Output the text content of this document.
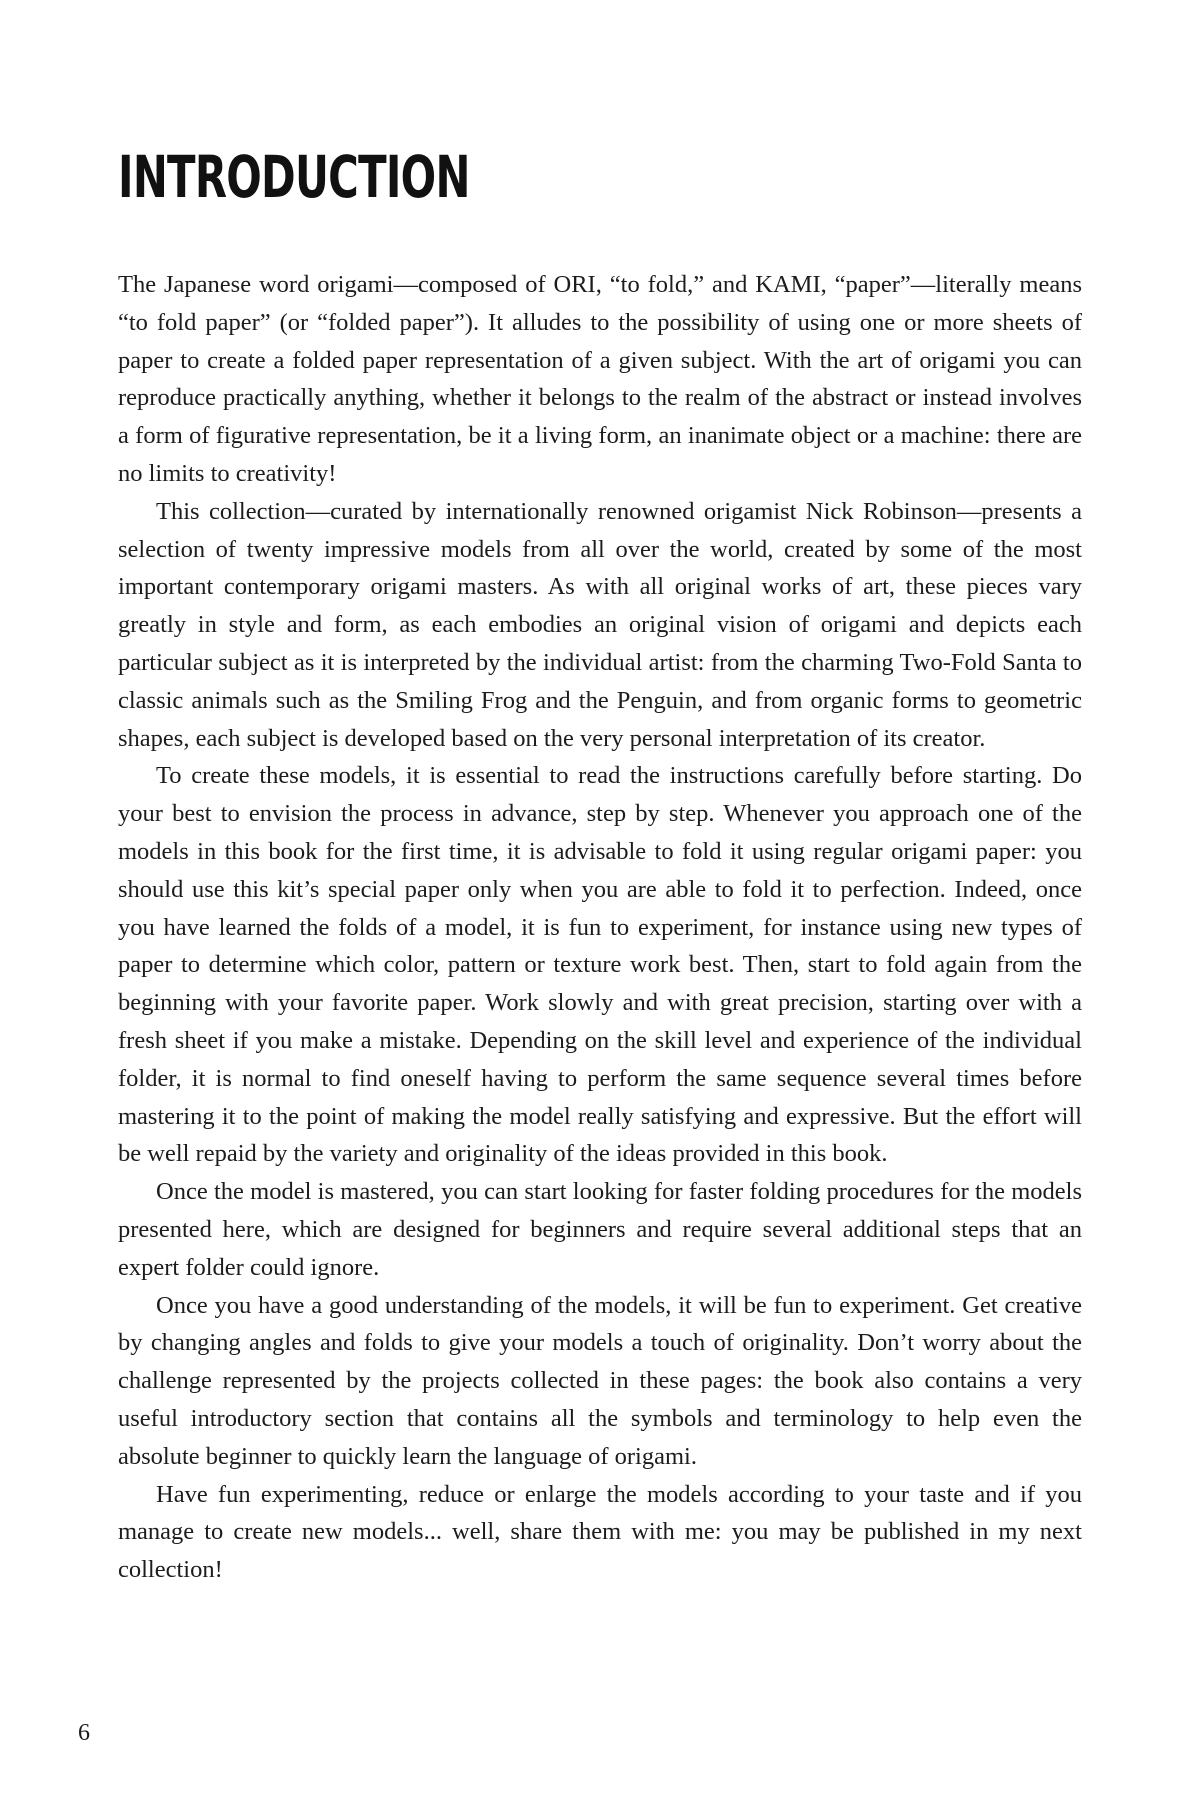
INTRODUCTION

The Japanese word origami—composed of ORI, “to fold,” and KAMI, “paper”—literally means “to fold paper” (or “folded paper”). It alludes to the possibility of using one or more sheets of paper to create a folded paper representation of a given subject. With the art of origami you can reproduce practically anything, whether it belongs to the realm of the abstract or instead involves a form of figurative representation, be it a living form, an inanimate object or a machine: there are no limits to creativity!

This collection—curated by internationally renowned origamist Nick Robinson—presents a selection of twenty impressive models from all over the world, created by some of the most important contemporary origami masters. As with all original works of art, these pieces vary greatly in style and form, as each embodies an original vision of origami and depicts each particular subject as it is interpreted by the individual artist: from the charming Two-Fold Santa to classic animals such as the Smiling Frog and the Penguin, and from organic forms to geometric shapes, each subject is developed based on the very personal interpretation of its creator.

To create these models, it is essential to read the instructions carefully before starting. Do your best to envision the process in advance, step by step. Whenever you approach one of the models in this book for the first time, it is advisable to fold it using regular origami paper: you should use this kit’s special paper only when you are able to fold it to perfection. Indeed, once you have learned the folds of a model, it is fun to experiment, for instance using new types of paper to determine which color, pattern or texture work best. Then, start to fold again from the beginning with your favorite paper. Work slowly and with great precision, starting over with a fresh sheet if you make a mistake. Depending on the skill level and experience of the individual folder, it is normal to find oneself having to perform the same sequence several times before mastering it to the point of making the model really satisfying and expressive. But the effort will be well repaid by the variety and originality of the ideas provided in this book.

Once the model is mastered, you can start looking for faster folding procedures for the models presented here, which are designed for beginners and require several additional steps that an expert folder could ignore.

Once you have a good understanding of the models, it will be fun to experiment. Get creative by changing angles and folds to give your models a touch of originality. Don’t worry about the challenge represented by the projects collected in these pages: the book also contains a very useful introductory section that contains all the symbols and terminology to help even the absolute beginner to quickly learn the language of origami.

Have fun experimenting, reduce or enlarge the models according to your taste and if you manage to create new models... well, share them with me: you may be published in my next collection!

6
